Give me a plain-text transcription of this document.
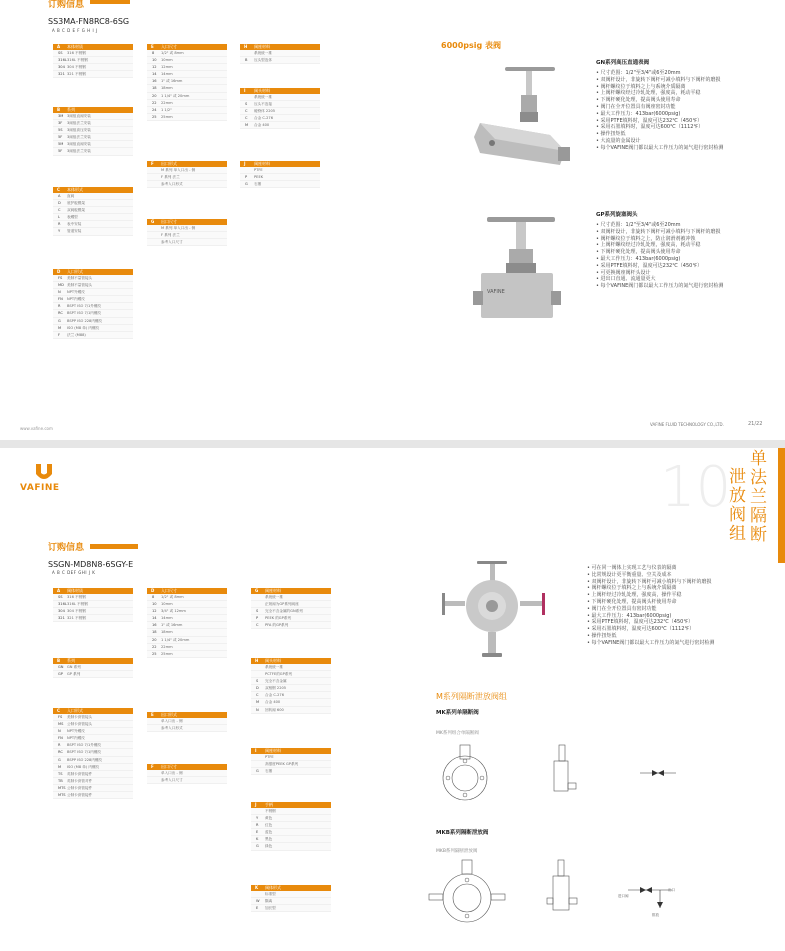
订购信息
SS3MA-FN8RC8-6SG
A B C D E F G H I J
A 本体材质
SS 316 不锈钢
316L316L 不锈钢
304 304 不锈钢
321 321 不锈钢
B 系列
3M 3阀组直阀安装
3F 3阀组法兰安装
5S 3阀组高压安装
5F 3阀组法兰安装
5M 3阀组直阀安装
5F 3阀组法兰安装
C 本体形式
A 直阀
D 底护板模架
C 双阀板模架
L 表螺型
R 表中安装
Y 管道安装
D 入口形式
FS 美制不量管接头
MD 美制不量管接头
N NPT外螺纹
FN NPT内螺纹
R BSPT ISO 7/1外螺纹
RC BSPT ISO 7/1内螺纹
G BSPP ISO 228内螺纹
M ISO (M8 单) 内螺纹
F 法兰 (M88)
E 入口尺寸
8 1/2" 或 8mm
10 10mm
12 12mm
14 14mm
16 1" 或 16mm
18 18mm
20 1 1/4" 或 20mm
22 22mm
24 1 1/2"
25 25mm
F 出口形式
M 系列 单入口出 - 侧
F 系列 法兰
参考入口形式
G 出口尺寸
M 系列 单入口出 - 侧
F 系列 法兰
参考入口尺寸
H 阀座材料
系统统一推
B 压头型连体
I 阀头材料
系统统一推
S 压头不连接
C 硬脊体 2205
C 合金 C-276
M 合金 400
J 阀座材料
PTFE
P PEEK
G 石墨
6000psig 表阀
GN系列高压直通表阀
• 尺寸范围：1/2"至3/4"或6至20mm
• 双阀杆设计，非旋转下阀杆可减小填料与下阀杆的磨损
• 阀杆螺纹位于填料之上与系统介质隔离
• 上阀杆螺纹经过冷轧处理，强度高，耗动平稳
• 下阀杆硬化处理，提高阀头使用寿命
• 阀门在全开位置具有阀座密封功能
• 最大工作压力：413bar(6000psig)
• 采用PTFE填料时，温度可达232℃（450℉）
• 采用石墨填料时，温度可达600℃（1112℉）
• 操作扭矩低
• 大流量的金属设计
• 每个VAFINE阀门都以最大工作压力的氮气进行密封检测
VAFINE
GP系列旋塞阀头
• 尺寸范围：1/2"至3/4"或6至20mm
• 双阀杆设计，非旋转下阀杆可减小填料与下阀杆的磨损
• 阀杆螺纹位于填料之上，防止润滑剂被冲蚀
• 上阀杆螺纹经过冷轧处理，强度高，耗动平稳
• 下阀杆硬化处理，提高阀头使用寿命
• 最大工作压力：413bar(6000psig)
• 采用PTFE填料时，温度可达232℃（450℉）
• 可更换阀座阀杆头设计
• 进出口直通、流通量更大
• 每个VAFINE阀门都以最大工作压力的氮气进行密封检测
www.vafine.com
VAFINE FLUID TECHNOLOGY CO.,LTD.	21/22
VAFINE	10
泄放阀组
单法兰隔断
订购信息
SSGN-MD8N8-6SGY-E
A B C DEF GHI J K
A 阀体材质
SS 316 不锈钢
316L316L 不锈钢
304 304 不锈钢
321 321 不锈钢
B 系列
GN GN 系列
GP GP 系列
C 入口形式
FS 美制卡套管接头
MS 公制卡套管接头
N NPT外螺纹
FN NPT内螺纹
R BSPT ISO 7/1外螺纹
RC BSPT ISO 7/1内螺纹
G BSPP ISO 228内螺纹
M ISO (M8 单) 内螺纹
TS 英制卡套管接件
TB 英制卡套管对件
MTS公制卡套管接件
MTS公制卡套管接件
D 入口尺寸
8 1/2" 或 8mm
10 10mm
12 3/4" 或 12mm
14 14mm
16 1" 或 16mm
18 18mm
20 1 1/4" 或 20mm
22 22mm
25 25mm
E 出口形式
单入口出 - 侧
参考入口形式
F 出口尺寸
单入口出 - 侧
参考入口尺寸
G 阀座材料
系统统一推
正规阀为GP系列阀座
S 完全不含金属的GN系列
P PEEK 的GP系列
C PFA 的GP系列
H 阀头材料
系统统一推
PCTFE的GP系列
S 完全不含金属
D 双相钢 2205
C 合金 C-276
M 合金 400
N 回转阀 600
I 阀座材料
PTFE
高强度PEEK GP系列
G 石墨
J 手柄
不锈钢
Y 黄色
R 红色
E 蓝色
K 黑色
G 绿色
K 阀体形式
标准型
W 隔离
E 加长型
• 可在同一阀体上实现工艺与仪表的隔离
• 比常规设计更平衡重量、空关及成本
• 双阀杆设计，非旋转下阀杆可减小填料与下阀杆的磨损
• 阀杆螺纹位于填料之上与系统介质隔离
• 上阀杆经过冷轧处理，强度高，操作平稳
• 下阀杆硬化处理，提高阀头杆使用寿命
• 阀门在全开位置具有密封功能
• 最大工作压力：413bar(6000psig)
• 采用PTFE填料时，温度可达232℃（450℉）
• 采用石墨填料时，温度可达600℃（1112℉）
• 操作扭矩低
• 每个VAFINE阀门都以最大工作压力的氮气进行密封检测
M系列隔断泄放阀组
MK系列单隔断阀
MK系列组合单隔断阀
MKB系列隔断泄放阀
MKB系列隔断泄放阀
进口阀
出口
排放
